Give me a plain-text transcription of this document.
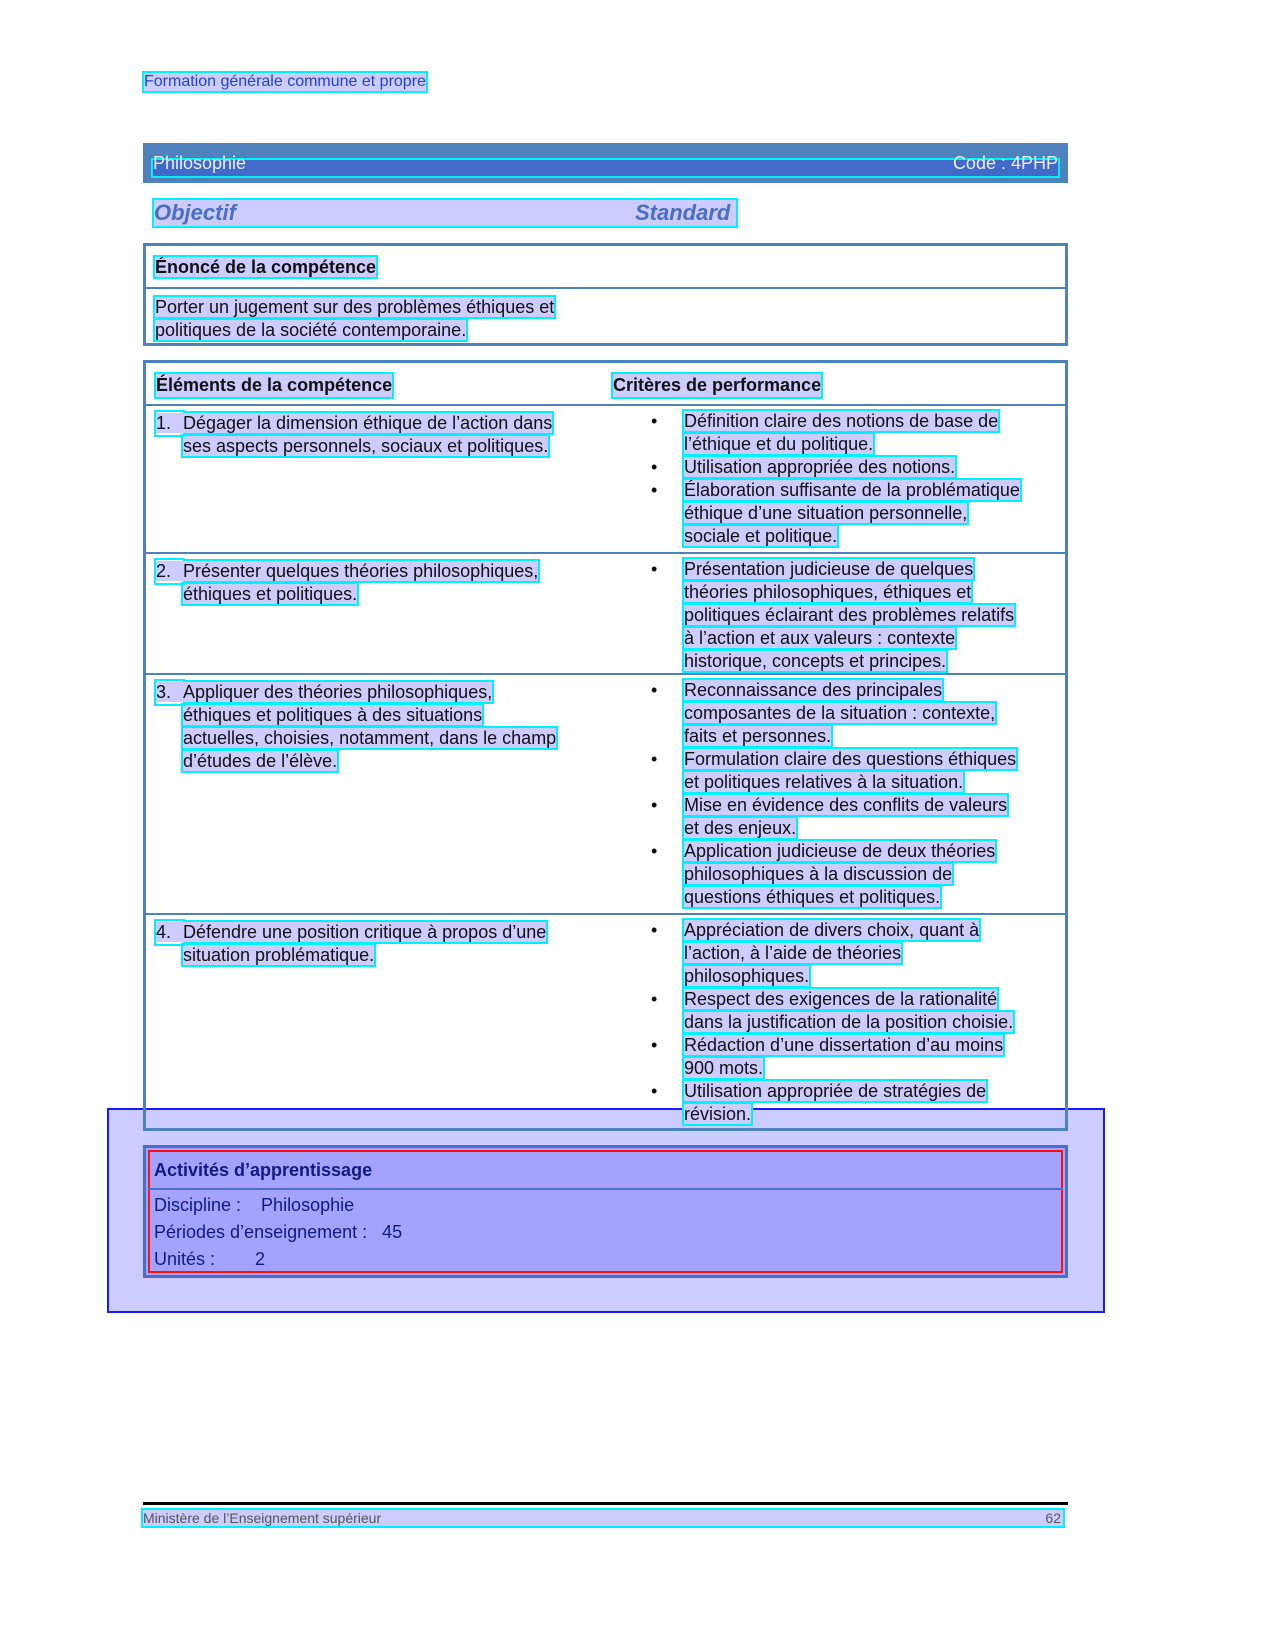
Formation générale commune et propre
Philosophie	Code : 4PHP
Objectif	Standard
Énoncé de la compétence
Porter un jugement sur des problèmes éthiques et
politiques de la société contemporaine.
Éléments de la compétence	Critères de performance
1. Dégager la dimension éthique de l’action dans
ses aspects personnels, sociaux et politiques.
• Définition claire des notions de base de
l’éthique et du politique.

• Utilisation appropriée des notions.

• Élaboration suffisante de la problématique
éthique d’une situation personnelle,
sociale et politique.

2. Présenter quelques théories philosophiques,
éthiques et politiques.
• Présentation judicieuse de quelques
théories philosophiques, éthiques et
politiques éclairant des problèmes relatifs
à l’action et aux valeurs : contexte
historique, concepts et principes.

3. Appliquer des théories philosophiques,
éthiques et politiques à des situations
actuelles, choisies, notamment, dans le champ
d’études de l’élève.
• Reconnaissance des principales
composantes de la situation : contexte,
faits et personnes.

• Formulation claire des questions éthiques
et politiques relatives à la situation.

• Mise en évidence des conflits de valeurs
et des enjeux.

• Application judicieuse de deux théories
philosophiques à la discussion de
questions éthiques et politiques.

4. Défendre une position critique à propos d’une
situation problématique.
• Appréciation de divers choix, quant à
l’action, à l’aide de théories
philosophiques.

• Respect des exigences de la rationalité
dans la justification de la position choisie.

• Rédaction d’une dissertation d’au moins
900 mots.

• Utilisation appropriée de stratégies de
révision.

Activités d’apprentissage
Discipline : Philosophie
Périodes d’enseignement : 45
Unités : 2
Ministère de l’Enseignement supérieur	62
